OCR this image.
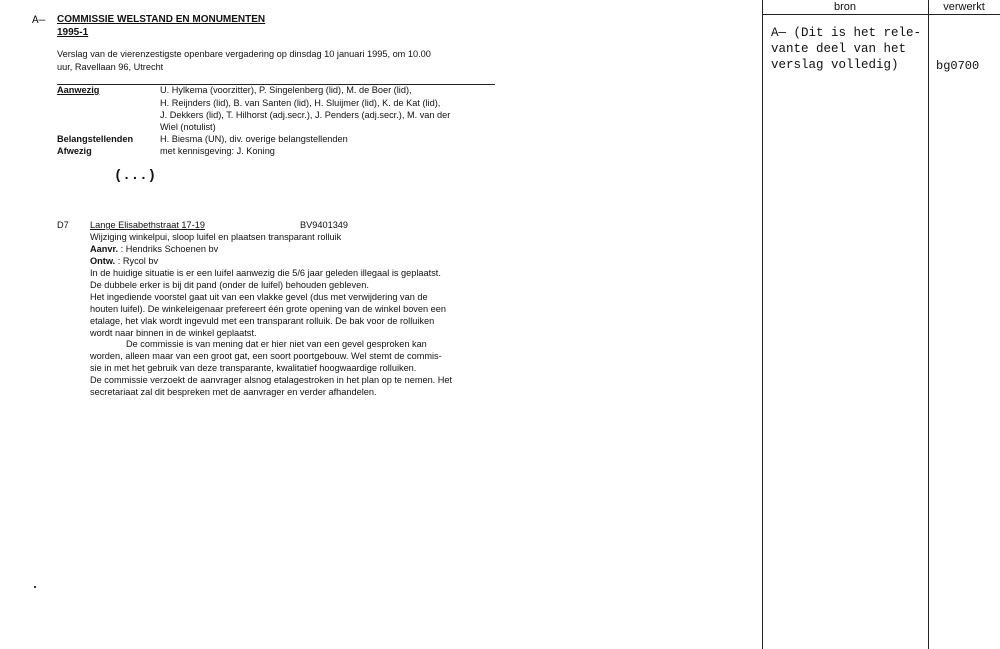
A— COMMISSIE WELSTAND EN MONUMENTEN
1995-1
Verslag van de vierenzestigste openbare vergadering op dinsdag 10 januari 1995, om 10.00
uur, Ravellaan 96, Utrecht
Aanwezig	U. Hylkema (voorzitter), P. Singelenberg (lid), M. de Boer (lid),
H. Reijnders (lid), B. van Santen (lid), H. Sluijmer (lid), K. de Kat (lid),
J. Dekkers (lid), T. Hilhorst (adj.secr.), J. Penders (adj.secr.), M. van der
Wiel (notulist)
Belangstellenden	H. Biesma (UN), div. overige belangstellenden
Afwezig	met kennisgeving: J. Koning
(...)
D7 Lange Elisabethstraat 17-19	BV9401349
Wijziging winkelpui, sloop luifel en plaatsen transparant rolluik
Aanvr. : Hendriks Schoenen bv
Ontw. : Rycol bv
In de huidige situatie is er een luifel aanwezig die 5/6 jaar geleden illegaal is geplaatst.
De dubbele erker is bij dit pand (onder de luifel) behouden gebleven.
Het ingediende voorstel gaat uit van een vlakke gevel (dus met verwijdering van de
houten luifel). De winkeleigenaar prefereert één grote opening van de winkel boven een
etalage, het vlak wordt ingevuld met een transparant rolluik. De bak voor de rolluiken
wordt naar binnen in de winkel geplaatst.
De commissie is van mening dat er hier niet van een gevel gesproken kan
worden, alleen maar van een groot gat, een soort poortgebouw. Wel stemt de commis-
sie in met het gebruik van deze transparante, kwalitatief hoogwaardige rolluiken.
De commissie verzoekt de aanvrager alsnog etalagestroken in het plan op te nemen. Het
secretariaat zal dit bespreken met de aanvrager en verder afhandelen.
bron	verwerkt
A— (Dit is het rele-
vante deel van het
verslag volledig)	bg0700
